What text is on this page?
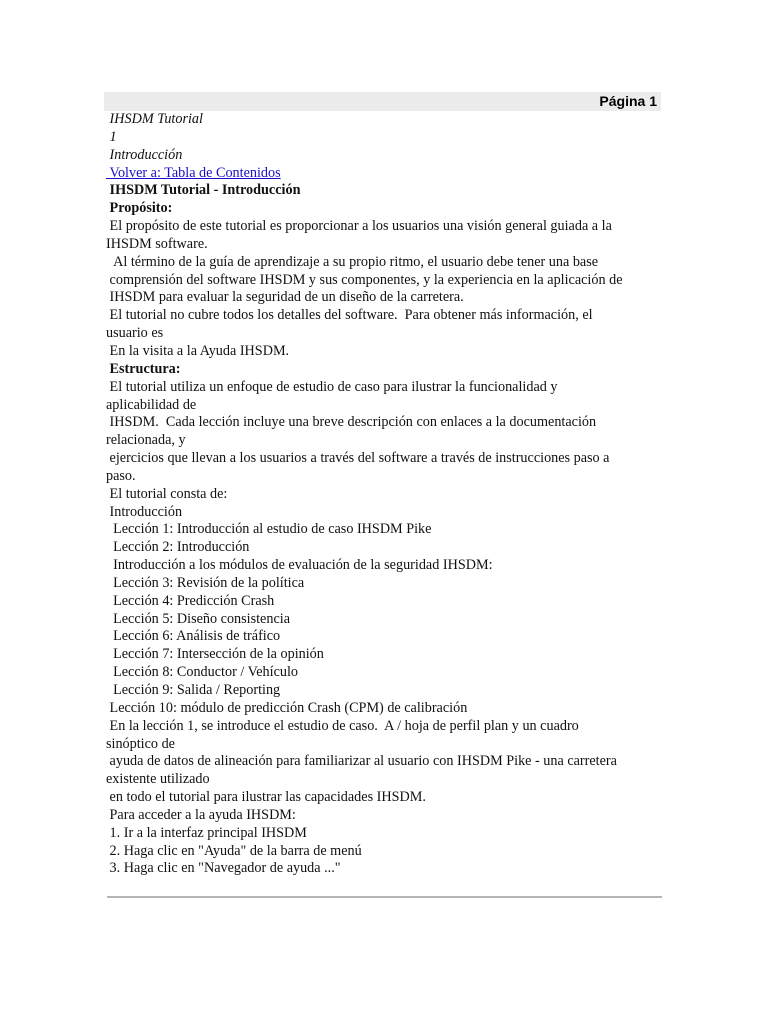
Página 1

IHSDM Tutorial

1

Introducción

Volver a: Tabla de Contenidos

IHSDM Tutorial - Introducción

Propósito:

El propósito de este tutorial es proporcionar a los usuarios una visión general guiada a la

IHSDM software.

Al término de la guía de aprendizaje a su propio ritmo, el usuario debe tener una base

comprensión del software IHSDM y sus componentes, y la experiencia en la aplicación de

IHSDM para evaluar la seguridad de un diseño de la carretera.

El tutorial no cubre todos los detalles del software.  Para obtener más información, el

usuario es

En la visita a la Ayuda IHSDM.

Estructura:

El tutorial utiliza un enfoque de estudio de caso para ilustrar la funcionalidad y

aplicabilidad de

IHSDM.  Cada lección incluye una breve descripción con enlaces a la documentación

relacionada, y

ejercicios que llevan a los usuarios a través del software a través de instrucciones paso a

paso.

El tutorial consta de:

Introducción

Lección 1: Introducción al estudio de caso IHSDM Pike

Lección 2: Introducción

Introducción a los módulos de evaluación de la seguridad IHSDM:

Lección 3: Revisión de la política

Lección 4: Predicción Crash

Lección 5: Diseño consistencia

Lección 6: Análisis de tráfico

Lección 7: Intersección de la opinión

Lección 8: Conductor / Vehículo

Lección 9: Salida / Reporting

Lección 10: módulo de predicción Crash (CPM) de calibración

En la lección 1, se introduce el estudio de caso.  A / hoja de perfil plan y un cuadro

sinóptico de

ayuda de datos de alineación para familiarizar al usuario con IHSDM Pike - una carretera

existente utilizado

en todo el tutorial para ilustrar las capacidades IHSDM.

Para acceder a la ayuda IHSDM:

1. Ir a la interfaz principal IHSDM

2. Haga clic en "Ayuda" de la barra de menú

3. Haga clic en "Navegador de ayuda ..."
